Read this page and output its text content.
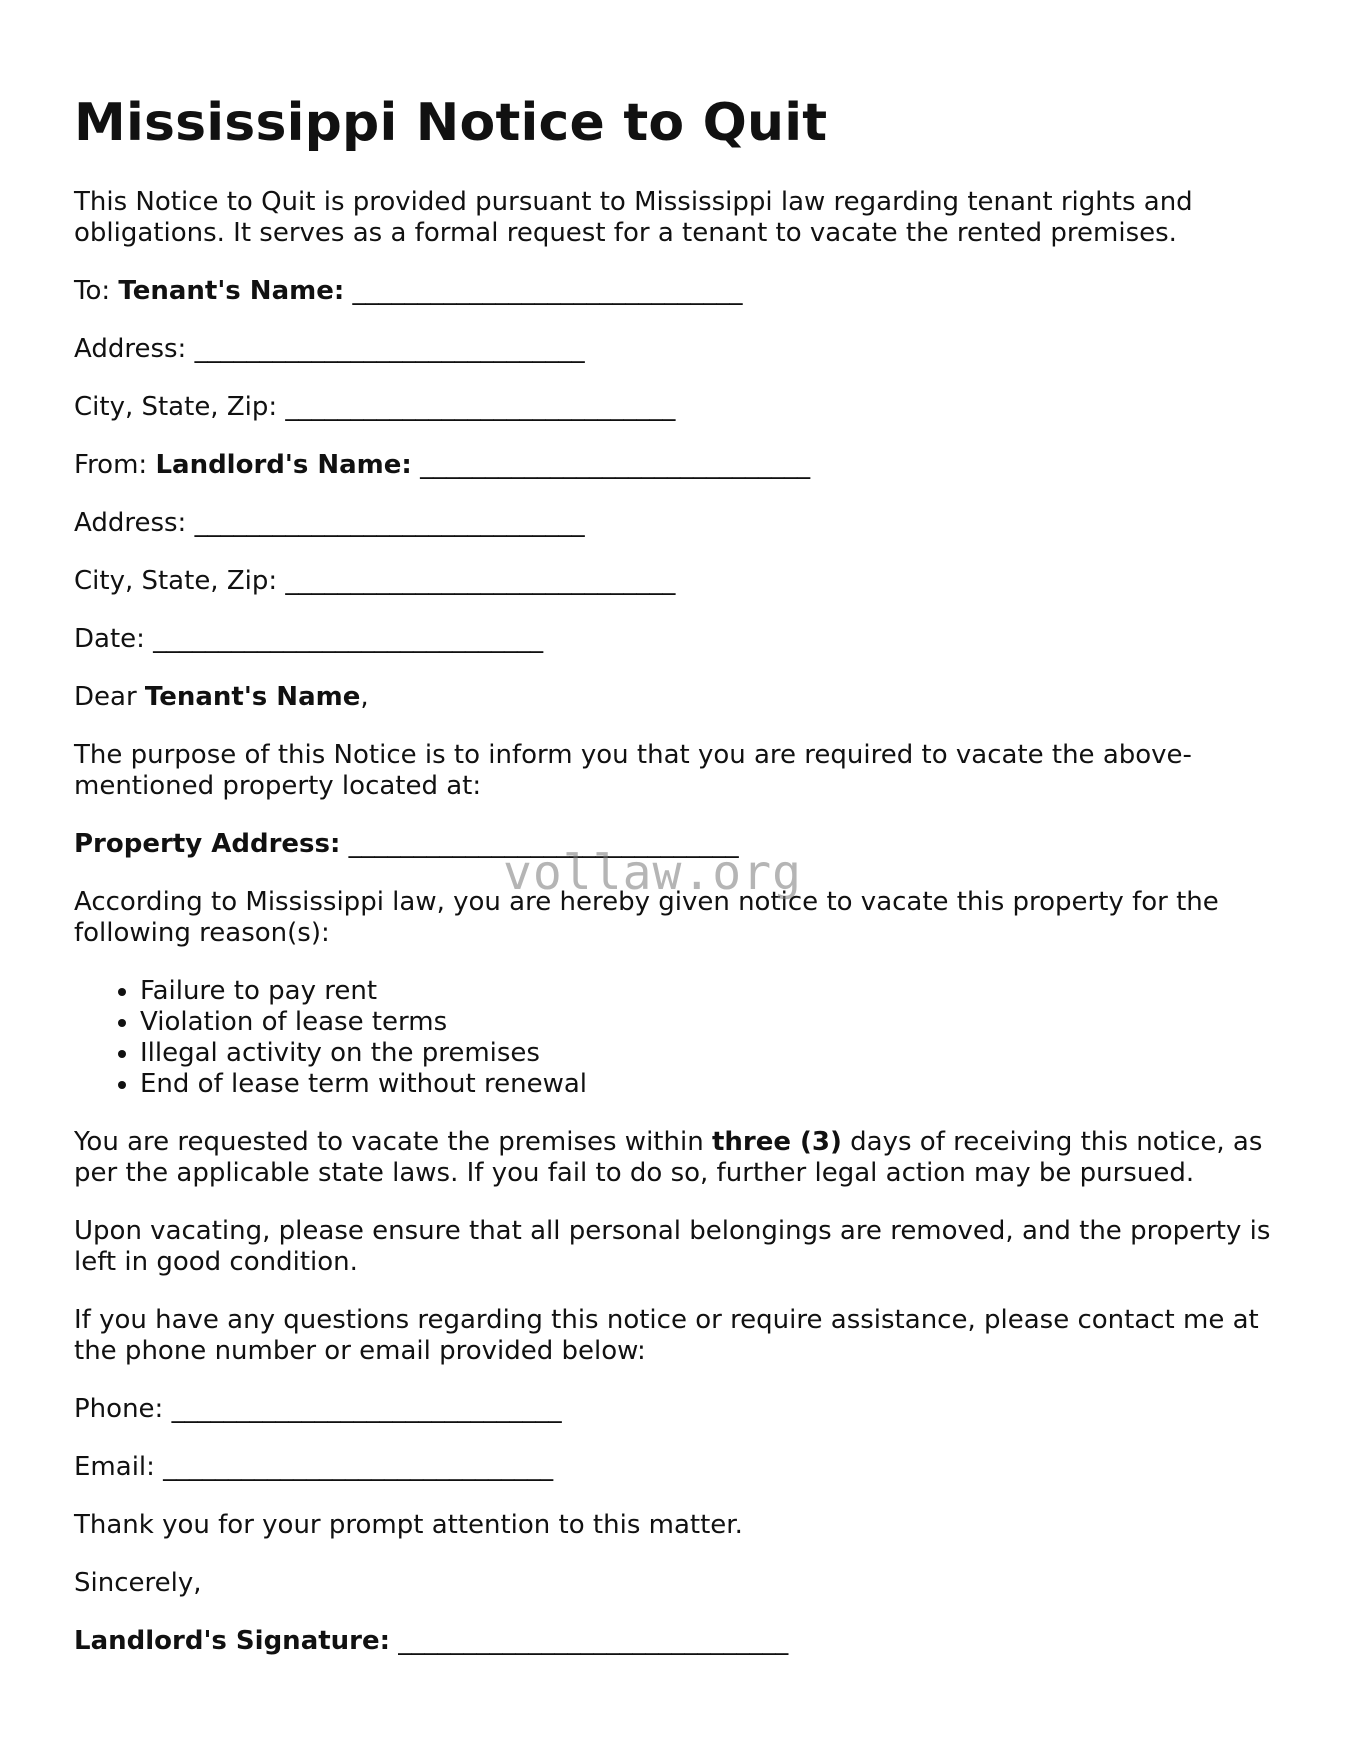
Mississippi Notice to Quit

This Notice to Quit is provided pursuant to Mississippi law regarding tenant rights and obligations. It serves as a formal request for a tenant to vacate the rented premises.

To: Tenant's Name: ______________________________

Address: ______________________________

City, State, Zip: ______________________________

From: Landlord's Name: ______________________________

Address: ______________________________

City, State, Zip: ______________________________

Date: ______________________________

Dear Tenant's Name,

The purpose of this Notice is to inform you that you are required to vacate the above-mentioned property located at:

Property Address: ______________________________

According to Mississippi law, you are hereby given notice to vacate this property for the following reason(s):

• Failure to pay rent
• Violation of lease terms
• Illegal activity on the premises
• End of lease term without renewal

You are requested to vacate the premises within three (3) days of receiving this notice, as per the applicable state laws. If you fail to do so, further legal action may be pursued.

Upon vacating, please ensure that all personal belongings are removed, and the property is left in good condition.

If you have any questions regarding this notice or require assistance, please contact me at the phone number or email provided below:

Phone: ______________________________

Email: ______________________________

Thank you for your prompt attention to this matter.

Sincerely,

Landlord's Signature: ______________________________

vollaw.org
